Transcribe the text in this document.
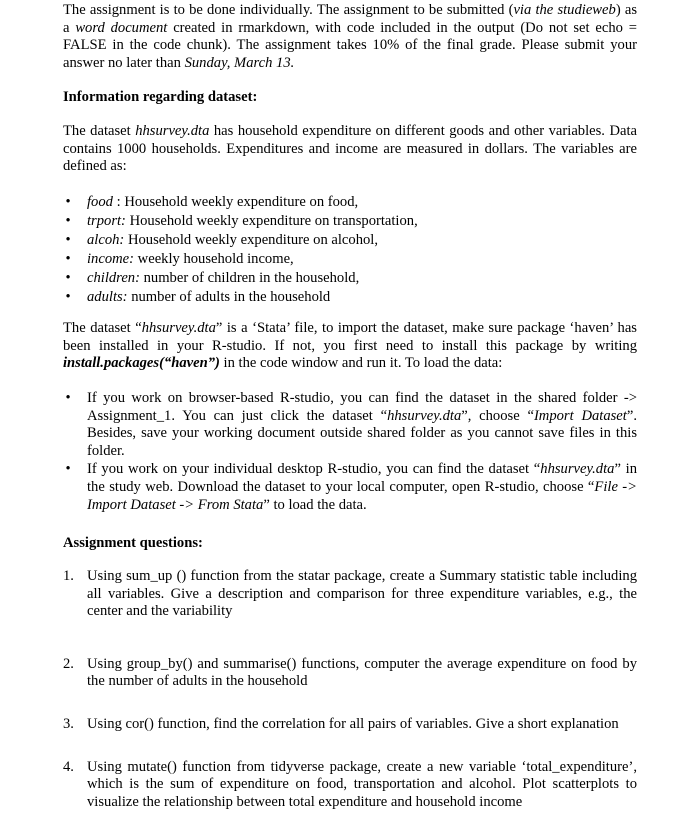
The assignment is to be done individually. The assignment to be submitted (via the studieweb) as a word document created in rmarkdown, with code included in the output (Do not set echo = FALSE in the code chunk). The assignment takes 10% of the final grade. Please submit your answer no later than Sunday, March 13.

Information regarding dataset:

The dataset hhsurvey.dta has household expenditure on different goods and other variables. Data contains 1000 households. Expenditures and income are measured in dollars. The variables are defined as:

• food : Household weekly expenditure on food,
• trport: Household weekly expenditure on transportation,
• alcoh: Household weekly expenditure on alcohol,
• income: weekly household income,
• children: number of children in the household,
• adults: number of adults in the household

The dataset “hhsurvey.dta” is a ‘Stata’ file, to import the dataset, make sure package ‘haven’ has been installed in your R-studio. If not, you first need to install this package by writing install.packages(“haven”) in the code window and run it. To load the data:

• If you work on browser-based R-studio, you can find the dataset in the shared folder -> Assignment_1. You can just click the dataset “hhsurvey.dta”, choose “Import Dataset”. Besides, save your working document outside shared folder as you cannot save files in this folder.

• If you work on your individual desktop R-studio, you can find the dataset “hhsurvey.dta” in the study web. Download the dataset to your local computer, open R-studio, choose “File -> Import Dataset -> From Stata” to load the data.

Assignment questions:
1. Using sum_up () function from the statar package, create a Summary statistic table including all variables. Give a description and comparison for three expenditure variables, e.g., the center and the variability

2. Using group_by() and summarise() functions, computer the average expenditure on food by the number of adults in the household

3. Using cor() function, find the correlation for all pairs of variables. Give a short explanation

4. Using mutate() function from tidyverse package, create a new variable ‘total_expenditure’, which is the sum of expenditure on food, transportation and alcohol. Plot scatterplots to visualize the relationship between total expenditure and household income
